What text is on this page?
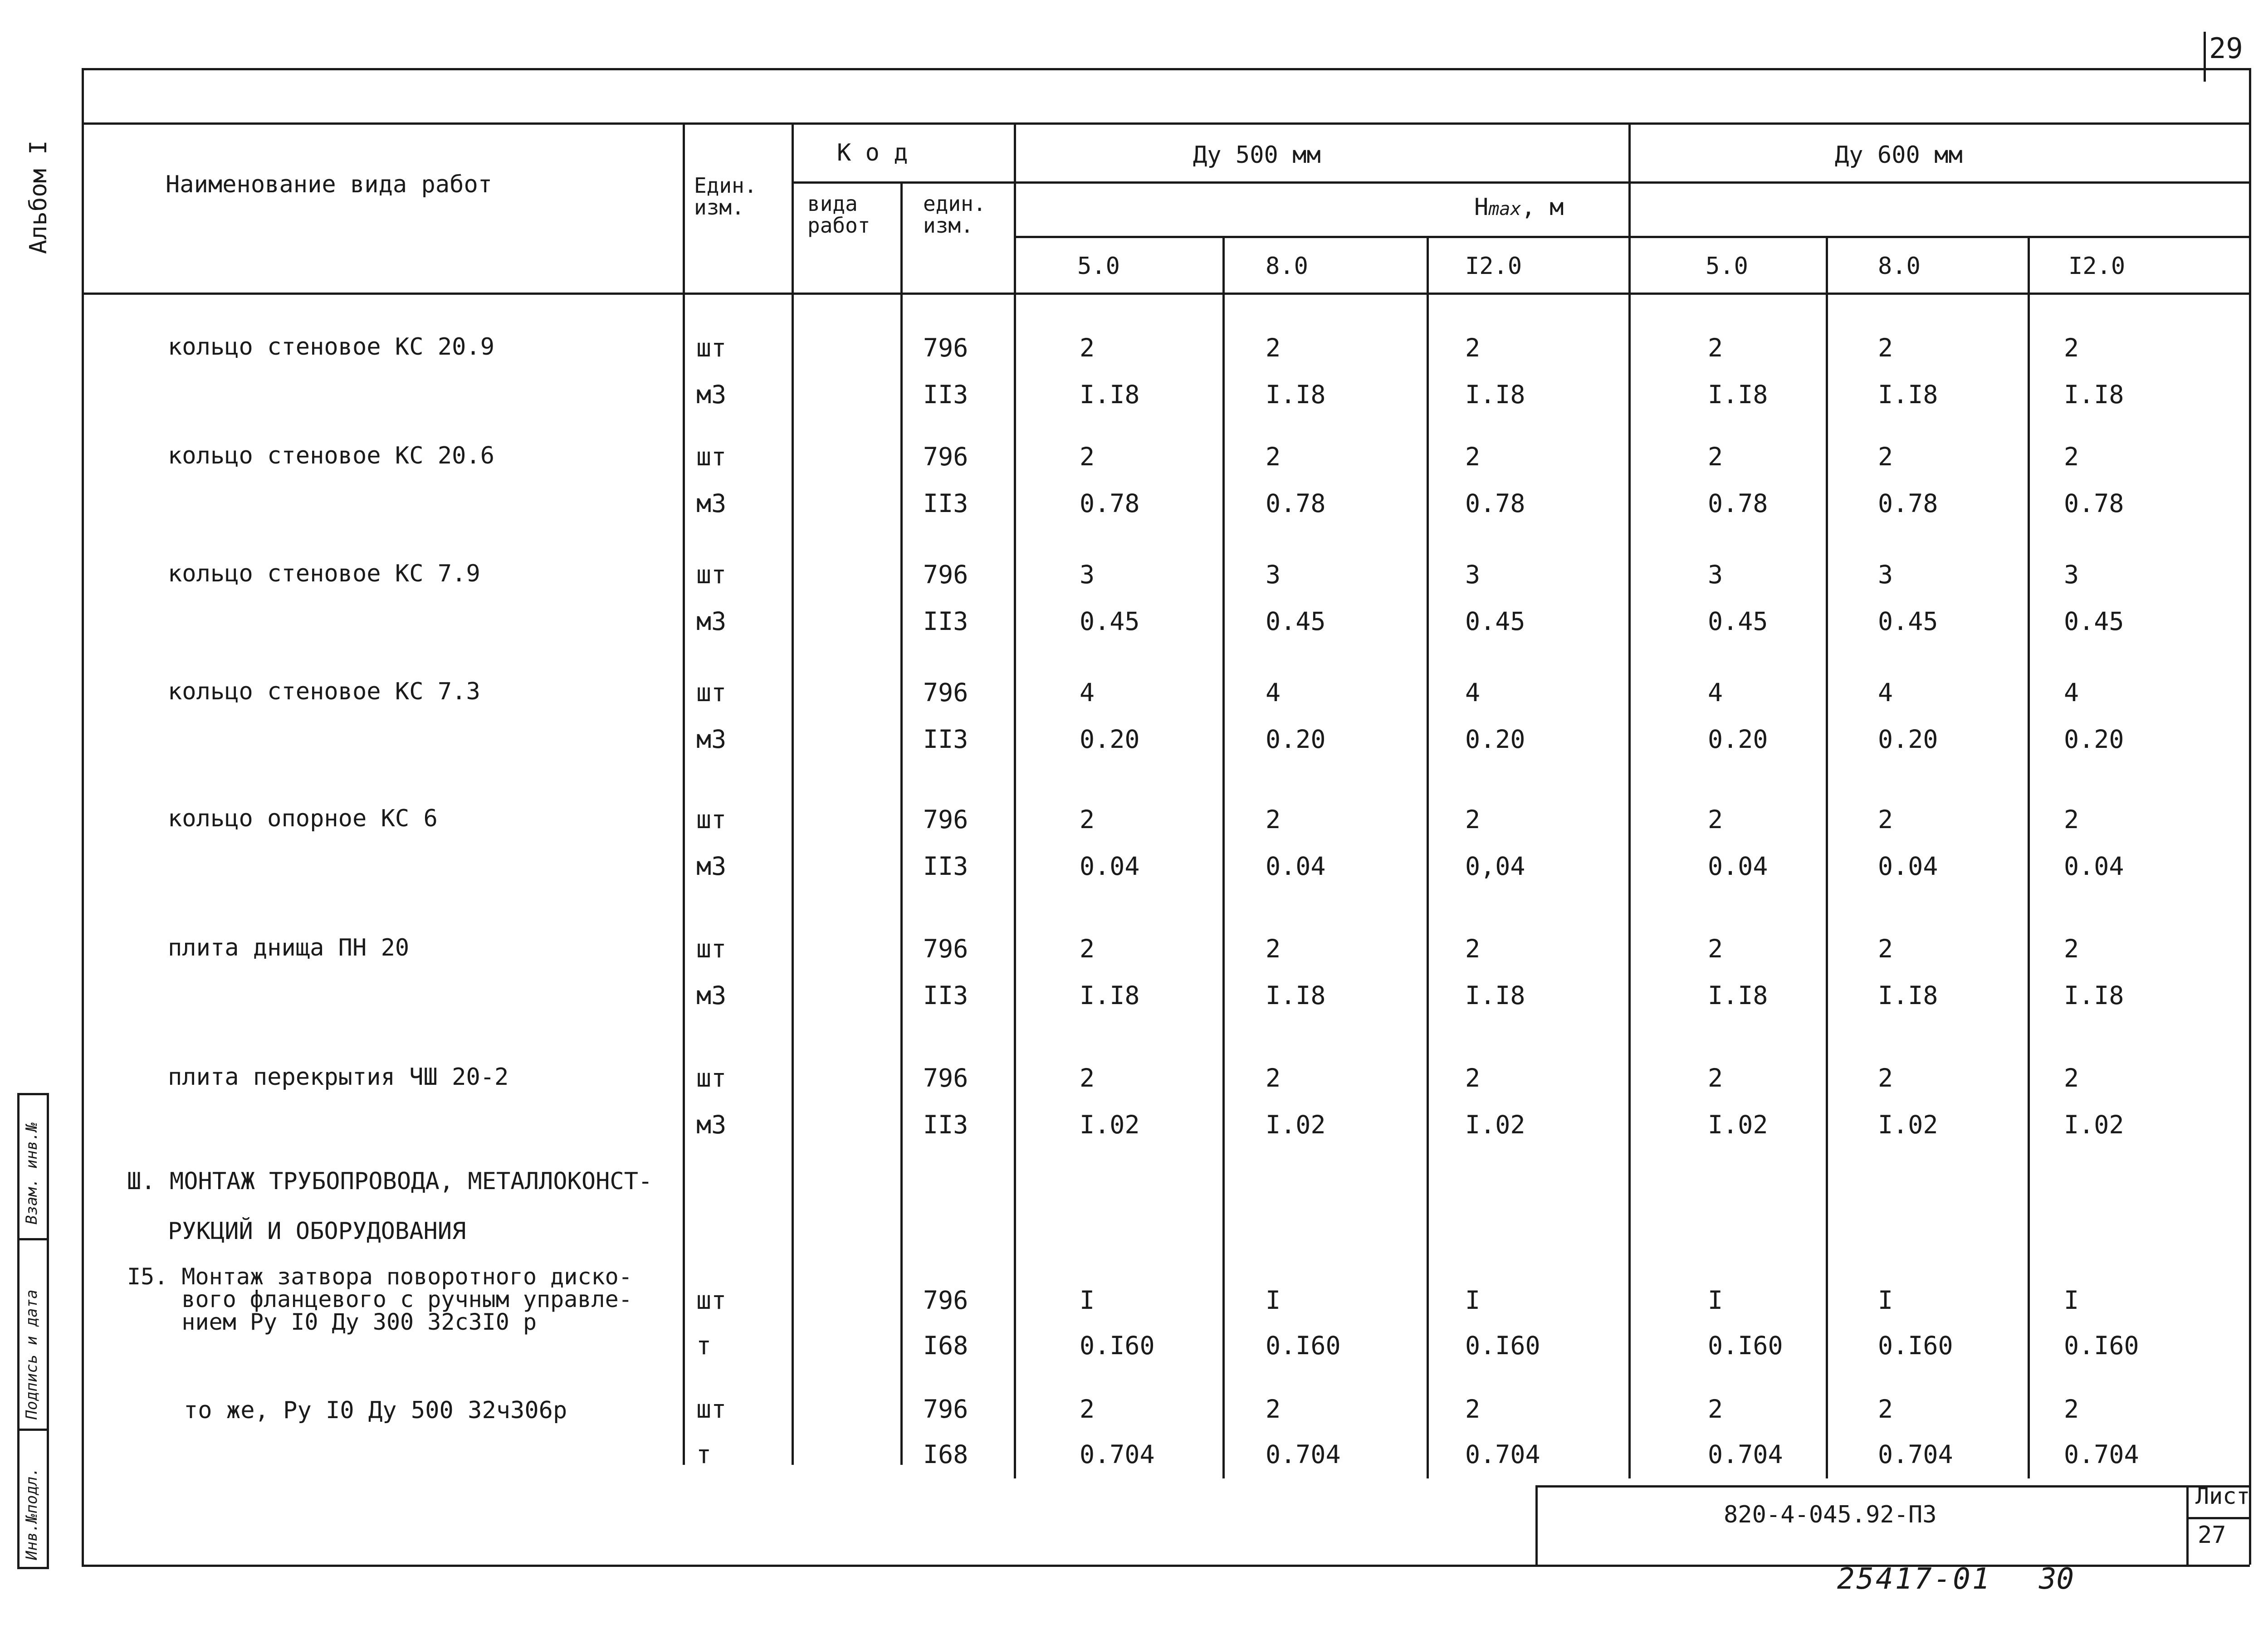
29
Альбом I
Взам. инв.№
Подпись и дата
Инв.№подл.
Наименование вида работ	Един.
изм.
К о д
вида
работ
един.
изм.
Ду 500 мм	Ду 600 мм
Hmax, м
5.0	8.0	I2.0	5.0	8.0	I2.0
кольцо стеновое КС 20.9	шт	796	2	2	2	2	2	2
м3	II3	I.I8	I.I8	I.I8	I.I8	I.I8	I.I8
кольцо стеновое КС 20.6	шт	796	2	2	2	2	2	2
м3	II3	0.78	0.78	0.78	0.78	0.78	0.78
кольцо стеновое КС 7.9	шт	796	3	3	3	3	3	3
м3	II3	0.45	0.45	0.45	0.45	0.45	0.45
кольцо стеновое КС 7.3	шт	796	4	4	4	4	4	4
м3	II3	0.20	0.20	0.20	0.20	0.20	0.20
кольцо опорное КС 6	шт	796	2	2	2	2	2	2
м3	II3	0.04	0.04	0,04	0.04	0.04	0.04
плита днища ПН 20	шт	796	2	2	2	2	2	2
м3	II3	I.I8	I.I8	I.I8	I.I8	I.I8	I.I8
плита перекрытия ЧШ 20-2	шт	796	2	2	2	2	2	2
м3	II3	I.02	I.02	I.02	I.02	I.02	I.02
Ш. МОНТАЖ ТРУБОПРОВОДА, МЕТАЛЛОКОНСТ-
РУКЦИЙ И ОБОРУДОВАНИЯ
I5. Монтаж затвора поворотного диско-
вого фланцевого с ручным управле-
нием Ру I0 Ду 300 32с3I0 р
шт	796	I	I	I	I	I	I
т	I68	0.I60	0.I60	0.I60	0.I60	0.I60	0.I60
то же, Ру I0 Ду 500 32ч306р	шт	796	2	2	2	2	2	2
т	I68	0.704	0.704	0.704	0.704	0.704	0.704
820-4-045.92-ПЗ
Лист
27
25417-01 30
